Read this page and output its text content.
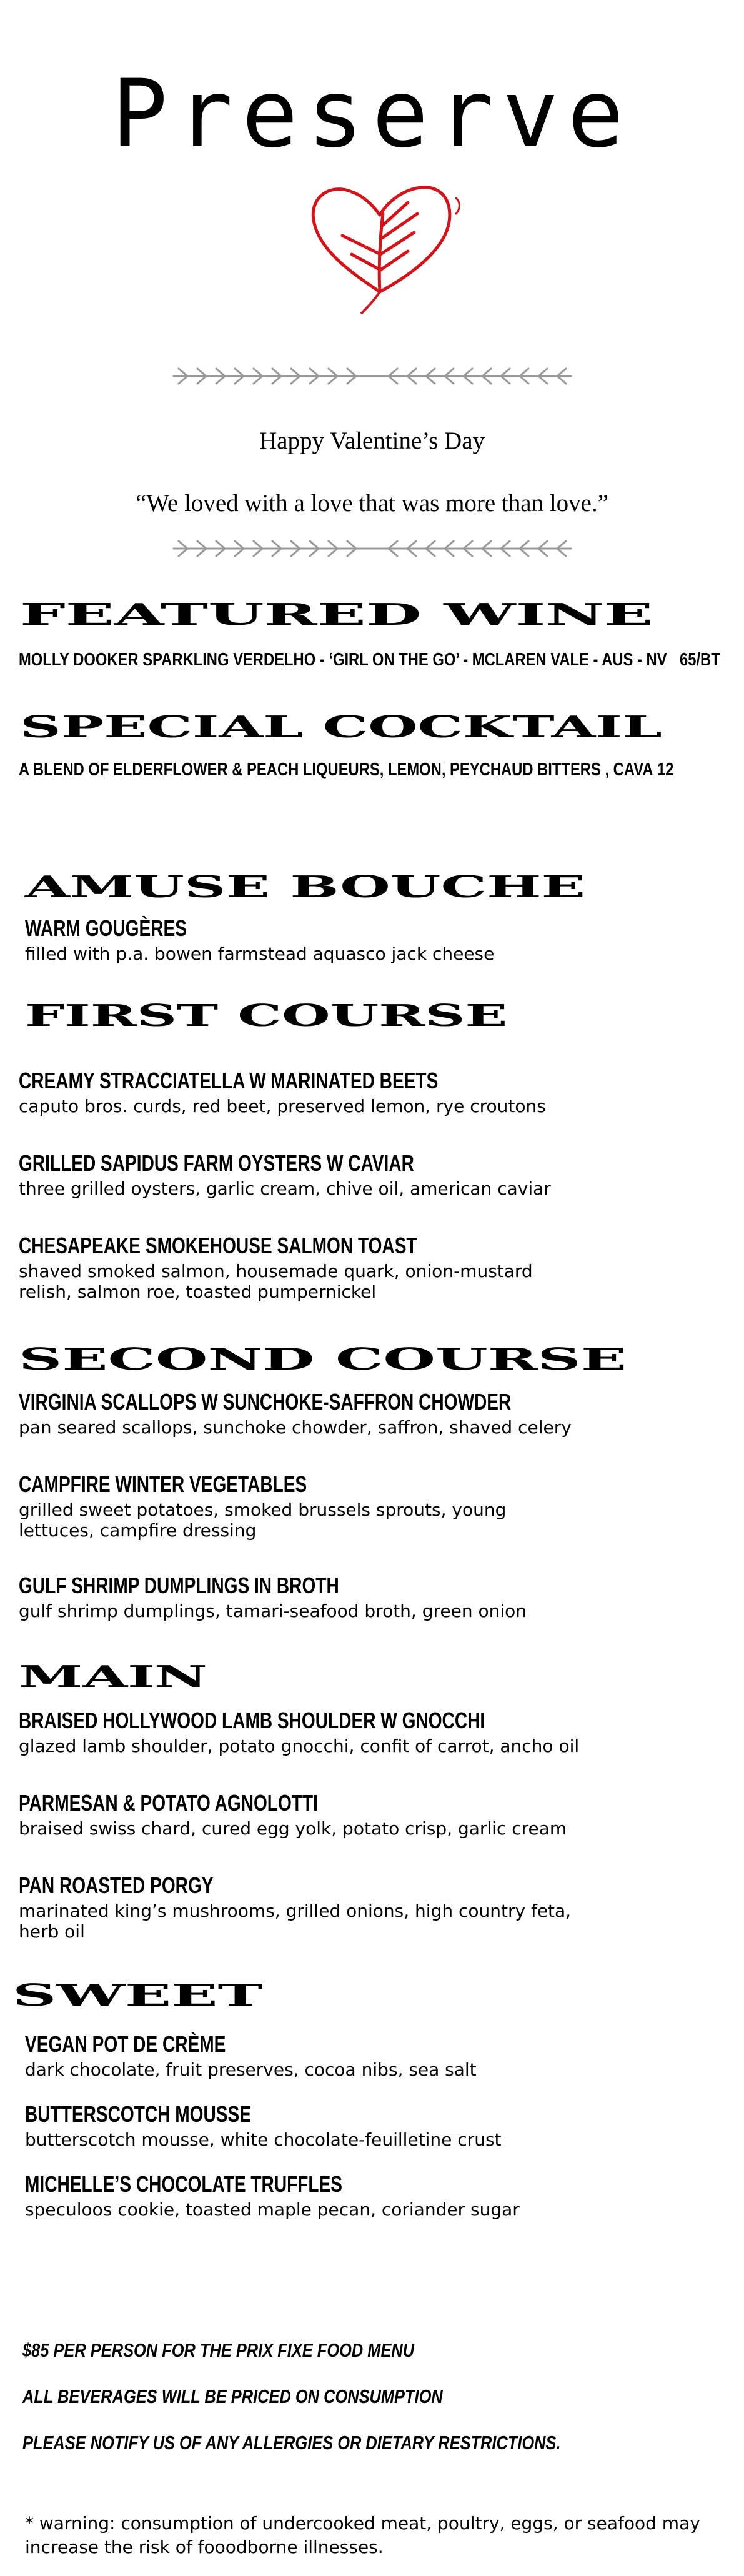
Preserve
Happy Valentine’s Day
“We loved with a love that was more than love.”
FEATURED WINE
MOLLY DOOKER SPARKLING VERDELHO - ‘GIRL ON THE GO’ - MCLAREN VALE - AUS - NV 65/BT
SPECIAL COCKTAIL
A BLEND OF ELDERFLOWER & PEACH LIQUEURS, LEMON, PEYCHAUD BITTERS , CAVA 12
AMUSE BOUCHE
WARM GOUGÈRES
filled with p.a. bowen farmstead aquasco jack cheese
FIRST COURSE
CREAMY STRACCIATELLA W MARINATED BEETS
caputo bros. curds, red beet, preserved lemon, rye croutons
GRILLED SAPIDUS FARM OYSTERS W CAVIAR
three grilled oysters, garlic cream, chive oil, american caviar
CHESAPEAKE SMOKEHOUSE SALMON TOAST
shaved smoked salmon, housemade quark, onion-mustard relish, salmon roe, toasted pumpernickel
SECOND COURSE
VIRGINIA SCALLOPS W SUNCHOKE-SAFFRON CHOWDER
pan seared scallops, sunchoke chowder, saffron, shaved celery
CAMPFIRE WINTER VEGETABLES
grilled sweet potatoes, smoked brussels sprouts, young lettuces, campfire dressing
GULF SHRIMP DUMPLINGS IN BROTH
gulf shrimp dumplings, tamari-seafood broth, green onion
MAIN
BRAISED HOLLYWOOD LAMB SHOULDER W GNOCCHI
glazed lamb shoulder, potato gnocchi, confit of carrot, ancho oil
PARMESAN & POTATO AGNOLOTTI
braised swiss chard, cured egg yolk, potato crisp, garlic cream
PAN ROASTED PORGY
marinated king’s mushrooms, grilled onions, high country feta, herb oil
SWEET
VEGAN POT DE CRÈME
dark chocolate, fruit preserves, cocoa nibs, sea salt
BUTTERSCOTCH MOUSSE
butterscotch mousse, white chocolate-feuilletine crust
MICHELLE’S CHOCOLATE TRUFFLES
speculoos cookie, toasted maple pecan, coriander sugar
$85 PER PERSON FOR THE PRIX FIXE FOOD MENU
ALL BEVERAGES WILL BE PRICED ON CONSUMPTION
PLEASE NOTIFY US OF ANY ALLERGIES OR DIETARY RESTRICTIONS.
* warning: consumption of undercooked meat, poultry, eggs, or seafood may increase the risk of fooodborne illnesses.
